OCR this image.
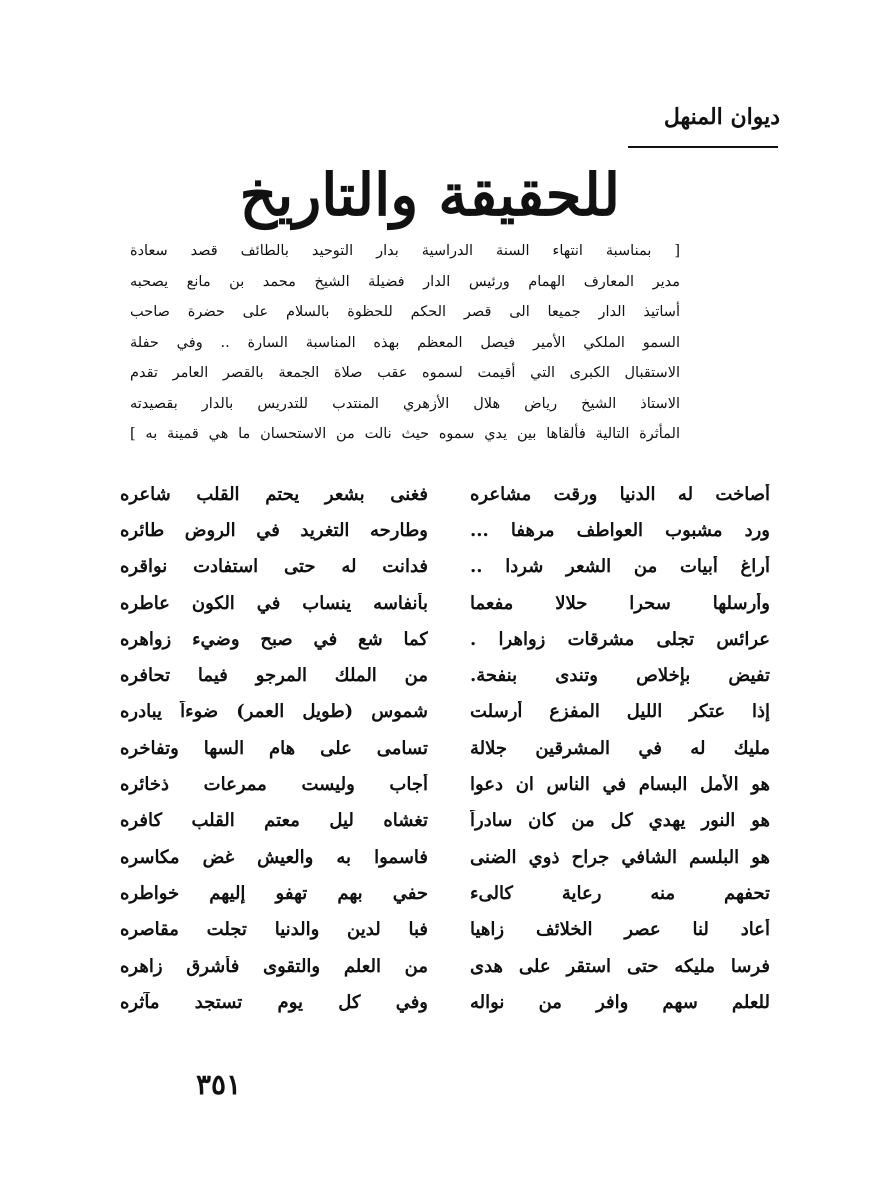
ديوان المنهل
للحقيقة والتاريخ
[ بمناسبة انتهاء السنة الدراسية بدار التوحيد بالطائف قصد سعادة
مدير المعارف الهمام ورئيس الدار فضيلة الشيخ محمد بن مانع يصحبه
أساتيذ الدار جميعا الى قصر الحكم للحظوة بالسلام على حضرة صاحب
السمو الملكي الأمير فيصل المعظم بهذه المناسبة السارة .. وفي حفلة
الاستقبال الكبرى التي أقيمت لسموه عقب صلاة الجمعة بالقصر العامر تقدم
الاستاذ الشيخ رياض هلال الأزهري المنتدب للتدريس بالدار بقصيدته
المأثرة التالية فألقاها بين يدي سموه حيث نالت من الاستحسان ما هي قمينة به ]
أصاخت له الدنيا ورقت مشاعره
فغنى بشعر يحتم القلب شاعره
ورد مشبوب العواطف مرهفا ...
وطارحه التغريد في الروض طائره
أراغ أبيات من الشعر شردا ..
فدانت له حتى استفادت نواقره
وأرسلها سحرا حلالا مفعما
بأنفاسه ينساب في الكون عاطره
عرائس تجلى مشرقات زواهرا .
كما شع في صبح وضيء زواهره
تفيض بإخلاص وتندى بنفحة.
من الملك المرجو فيما تحافره
إذا عتكر الليل المفزع أرسلت
شموس (طويل العمر) ضوءاً يبادره
مليك له في المشرقين جلالة
تسامى على هام السها وتفاخره
هو الأمل البسام في الناس ان دعوا
أجاب وليست ممرعات ذخائره
هو النور يهدي كل من كان سادراً
تغشاه ليل معتم القلب كافره
هو البلسم الشافي جراح ذوي الضنى
فاسموا به والعيش غض مكاسره
تحفهم منه رعاية كالىء
حفي بهم تهفو إليهم خواطره
أعاد لنا عصر الخلائف زاهيا
فبا لدين والدنيا تجلت مقاصره
فرسا مليكه حتى استقر على هدى
من العلم والتقوى فأشرق زاهره
للعلم سهم وافر من نواله
وفي كل يوم تستجد مآثره
٣٥١
